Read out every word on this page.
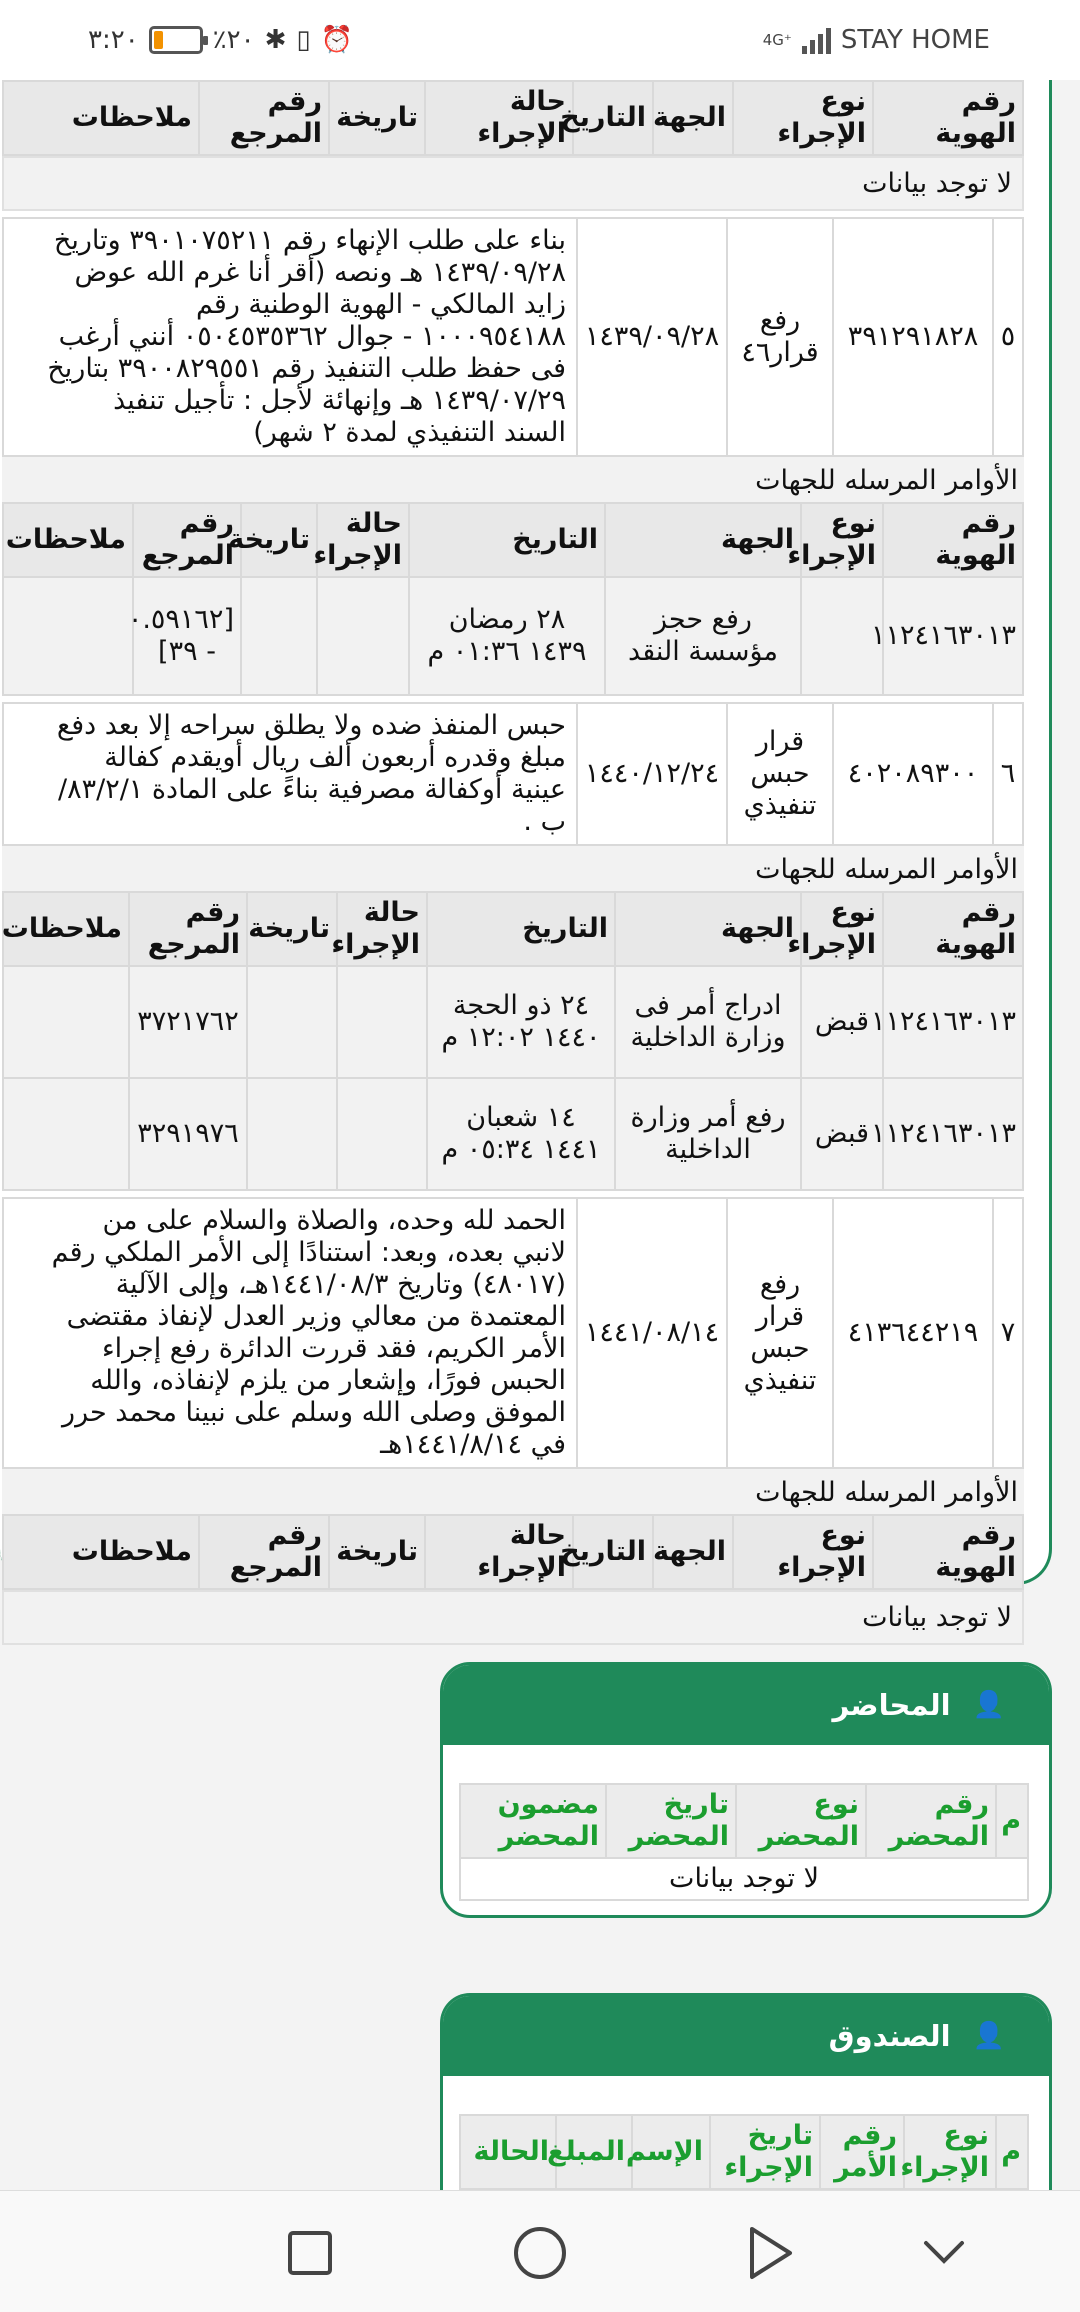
٣:٢٠	٪٢٠ ✱ ▯ ⏰	4G⁺ STAY HOME
رقم الهوية	نوع الإجراء	الجهة	التاريخ	حالة الإجراء	تاريخة	رقم المرجع	ملاحظات
لا توجد بيانات
٥	٣٩١٢٩١٨٢٨	رفع قرار٤٦	١٤٣٩/٠٩/٢٨	بناء على طلب الإنهاء رقم ٣٩٠١٠٧٥٢١١ وتاريخ ١٤٣٩/٠٩/٢٨ هـ ونصه (أقر أنا غرم الله عوض زايد المالكي - الهوية الوطنية رقم ١٠٠٠٩٥٤١٨٨ - جوال ٠٥٠٤٥٣٥٣٦٢ أنني أرغب فى حفظ طلب التنفيذ رقم ٣٩٠٠٨٢٩٥٥١ بتاريخ ١٤٣٩/٠٧/٢٩ هـ وإنهائة لأجل : تأجيل تنفيذ السند التنفيذي لمدة ٢ شهر)
الأوامر المرسله للجهات
رقم الهوية	نوع الإجراء	الجهة	التاريخ	حالة الإجراء	تاريخة	رقم المرجع	ملاحظات
١١٢٤١٦٣٠١٣		رفع حجز مؤسسة النقد	٢٨ رمضان ١٤٣٩ ٠١:٣٦ م			[٠.٥٩١٦٢ - ٣٩]	
٦	٤٠٢٠٨٩٣٠٠	قرار حبس تنفيذي	١٤٤٠/١٢/٢٤	حبس المنفذ ضده ولا يطلق سراحه إلا بعد دفع مبلغ وقدره أربعون ألف ريال أويقدم كفالة عينية أوكفالة مصرفية بناءً على المادة ٨٣/٢/١/ب .
الأوامر المرسله للجهات
رقم الهوية	نوع الإجراء	الجهة	التاريخ	حالة الإجراء	تاريخة	رقم المرجع	ملاحظات
١١٢٤١٦٣٠١٣	قبض	ادراج أمر فى وزارة الداخلية	٢٤ ذو الحجة ١٤٤٠ ١٢:٠٢ م			٣٧٢١٧٦٢	
١١٢٤١٦٣٠١٣	قبض	رفع أمر وزارة الداخلية	١٤ شعبان ١٤٤١ ٠٥:٣٤ م			٣٢٩١٩٧٦	
٧	٤١٣٦٤٤٢١٩	رفع قرار حبس تنفيذي	١٤٤١/٠٨/١٤	الحمد لله وحده، والصلاة والسلام على من لانبي بعده، وبعد: استنادًا إلى الأمر الملكي رقم (٤٨٠١٧) وتاريخ ١٤٤١/٠٨/٣هـ، وإلى الآلية المعتمدة من معالي وزير العدل لإنفاذ مقتضى الأمر الكريم، فقد قررت الدائرة رفع إجراء الحبس فورًا، وإشعار من يلزم لإنفاذه، والله الموفق وصلى الله وسلم على نبينا محمد حرر في ١٤٤١/٨/١٤هـ
الأوامر المرسله للجهات
رقم الهوية	نوع الإجراء	الجهة	التاريخ	حالة الإجراء	تاريخة	رقم المرجع	ملاحظات
لا توجد بيانات
👤
المحاضر
م	رقم المحضر	نوع المحضر	تاريخ المحضر	مضمون المحضر
لا توجد بيانات
👤
الصندوق
م	نوع الإجراء	رقم الأمر	تاريخ الإجراء	الإسم	المبلغ	الحالة
